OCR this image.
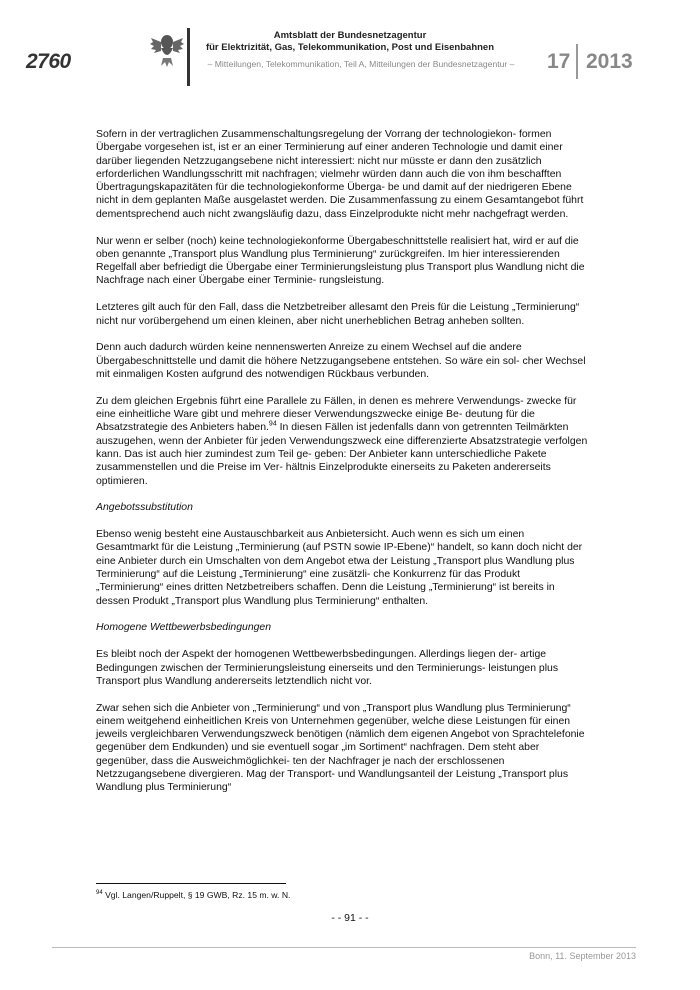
2760
Amtsblatt der Bundesnetzagentur
für Elektrizität, Gas, Telekommunikation, Post und Eisenbahnen
– Mitteilungen, Telekommunikation, Teil A, Mitteilungen der Bundesnetzagentur –	17 2013

Sofern in der vertraglichen Zusammenschaltungsregelung der Vorrang der technologiekon- formen Übergabe vorgesehen ist, ist er an einer Terminierung auf einer anderen Technologie und damit einer darüber liegenden Netzzugangsebene nicht interessiert: nicht nur müsste er dann den zusätzlich erforderlichen Wandlungsschritt mit nachfragen; vielmehr würden dann auch die von ihm beschafften Übertragungskapazitäten für die technologiekonforme Überga- be und damit auf der niedrigeren Ebene nicht in dem geplanten Maße ausgelastet werden. Die Zusammenfassung zu einem Gesamtangebot führt dementsprechend auch nicht zwangsläufig dazu, dass Einzelprodukte nicht mehr nachgefragt werden.

Nur wenn er selber (noch) keine technologiekonforme Übergabeschnittstelle realisiert hat, wird er auf die oben genannte „Transport plus Wandlung plus Terminierung“ zurückgreifen. Im hier interessierenden Regelfall aber befriedigt die Übergabe einer Terminierungsleistung plus Transport plus Wandlung nicht die Nachfrage nach einer Übergabe einer Terminie- rungsleistung.

Letzteres gilt auch für den Fall, dass die Netzbetreiber allesamt den Preis für die Leistung „Terminierung“ nicht nur vorübergehend um einen kleinen, aber nicht unerheblichen Betrag anheben sollten.

Denn auch dadurch würden keine nennenswerten Anreize zu einem Wechsel auf die andere Übergabeschnittstelle und damit die höhere Netzzugangsebene entstehen. So wäre ein sol- cher Wechsel mit einmaligen Kosten aufgrund des notwendigen Rückbaus verbunden.

Zu dem gleichen Ergebnis führt eine Parallele zu Fällen, in denen es mehrere Verwendungs- zwecke für eine einheitliche Ware gibt und mehrere dieser Verwendungszwecke einige Be- deutung für die Absatzstrategie des Anbieters haben.$^{94}$ In diesen Fällen ist jedenfalls dann von getrennten Teilmärkten auszugehen, wenn der Anbieter für jeden Verwendungszweck eine differenzierte Absatzstrategie verfolgen kann. Das ist auch hier zumindest zum Teil ge- geben: Der Anbieter kann unterschiedliche Pakete zusammenstellen und die Preise im Ver- hältnis Einzelprodukte einerseits zu Paketen andererseits optimieren.

Angebotssubstitution

Ebenso wenig besteht eine Austauschbarkeit aus Anbietersicht. Auch wenn es sich um einen Gesamtmarkt für die Leistung „Terminierung (auf PSTN sowie IP-Ebene)“ handelt, so kann doch nicht der eine Anbieter durch ein Umschalten von dem Angebot etwa der Leistung „Transport plus Wandlung plus Terminierung“ auf die Leistung „Terminierung“ eine zusätzli- che Konkurrenz für das Produkt „Terminierung“ eines dritten Netzbetreibers schaffen. Denn die Leistung „Terminierung“ ist bereits in dessen Produkt „Transport plus Wandlung plus Terminierung“ enthalten.

Homogene Wettbewerbsbedingungen

Es bleibt noch der Aspekt der homogenen Wettbewerbsbedingungen. Allerdings liegen der- artige Bedingungen zwischen der Terminierungsleistung einerseits und den Terminierungs- leistungen plus Transport plus Wandlung andererseits letztendlich nicht vor.

Zwar sehen sich die Anbieter von „Terminierung“ und von „Transport plus Wandlung plus Terminierung“ einem weitgehend einheitlichen Kreis von Unternehmen gegenüber, welche diese Leistungen für einen jeweils vergleichbaren Verwendungszweck benötigen (nämlich dem eigenen Angebot von Sprachtelefonie gegenüber dem Endkunden) und sie eventuell sogar „im Sortiment“ nachfragen. Dem steht aber gegenüber, dass die Ausweichmöglichkei- ten der Nachfrager je nach der erschlossenen Netzzugangsebene divergieren. Mag der Transport- und Wandlungsanteil der Leistung „Transport plus Wandlung plus Terminierung“

$^{94}$ Vgl. Langen/Ruppelt, § 19 GWB, Rz. 15 m. w. N.
- - 91 - -
Bonn, 11. September 2013
